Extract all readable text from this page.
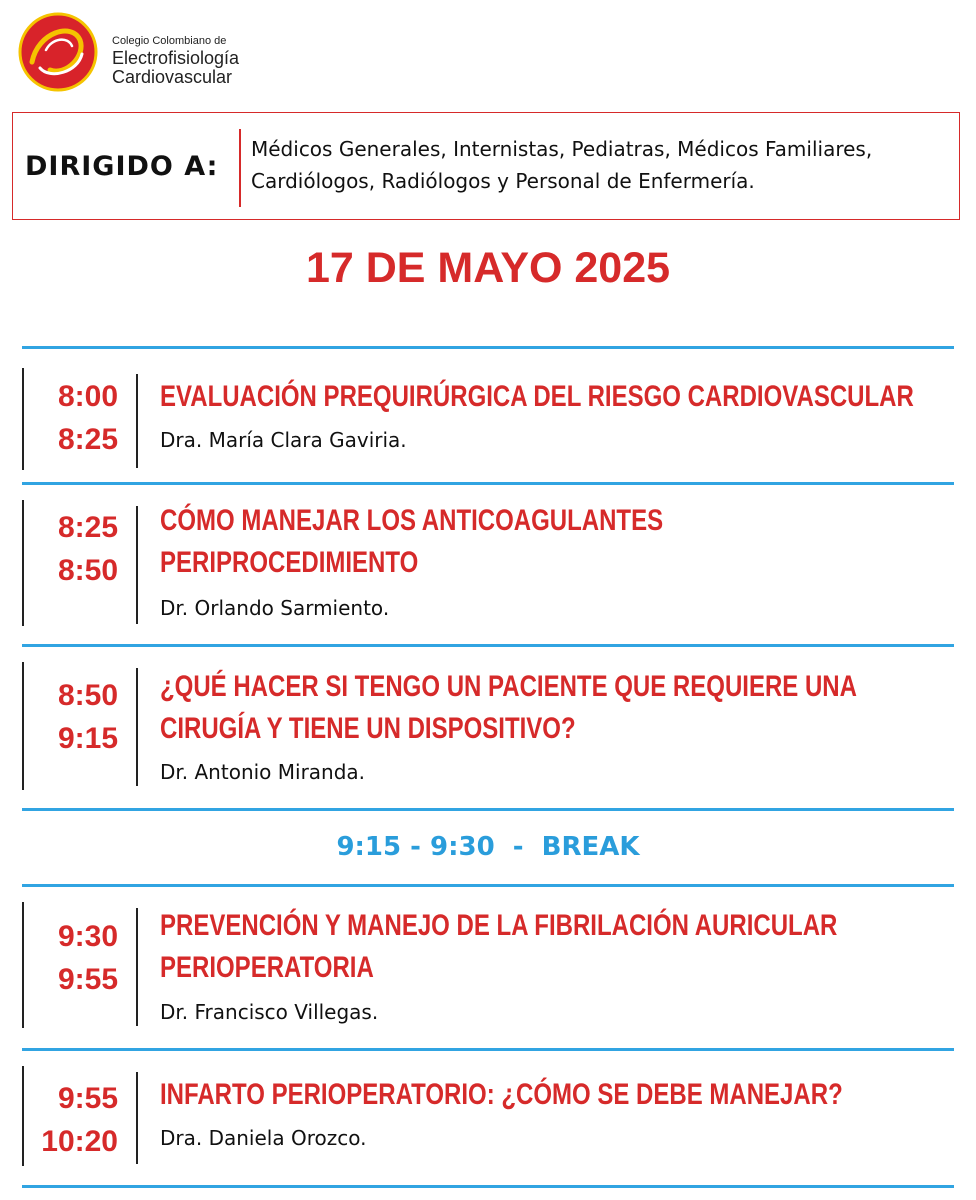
Colegio Colombiano de
Electrofisiología
Cardiovascular
DIRIGIDO A:
Médicos Generales, Internistas, Pediatras, Médicos Familiares,
Cardiólogos, Radiólogos y Personal de Enfermería.
17 DE MAYO 2025
8:00
8:25
EVALUACIÓN PREQUIRÚRGICA DEL RIESGO CARDIOVASCULAR
Dra. María Clara Gaviria.
8:25
8:50
CÓMO MANEJAR LOS ANTICOAGULANTES
PERIPROCEDIMIENTO
Dr. Orlando Sarmiento.
8:50
9:15
¿QUÉ HACER SI TENGO UN PACIENTE QUE REQUIERE UNA
CIRUGÍA Y TIENE UN DISPOSITIVO?
Dr. Antonio Miranda.
9:15 - 9:30  -  BREAK
9:30
9:55
PREVENCIÓN Y MANEJO DE LA FIBRILACIÓN AURICULAR
PERIOPERATORIA
Dr. Francisco Villegas.
9:55
10:20
INFARTO PERIOPERATORIO: ¿CÓMO SE DEBE MANEJAR?
Dra. Daniela Orozco.
